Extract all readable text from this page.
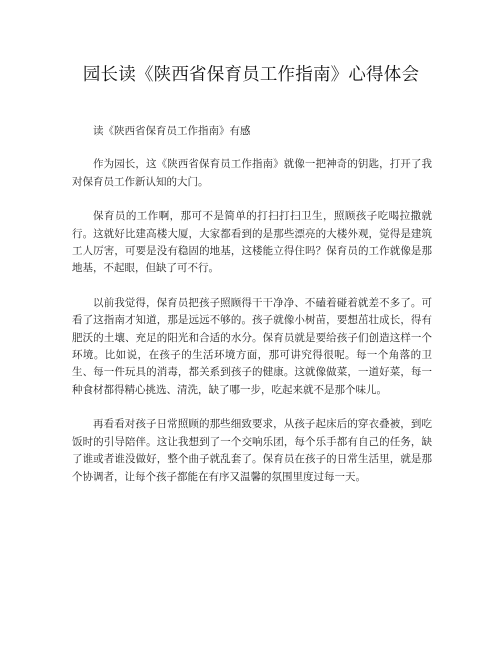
园长读《陕西省保育员工作指南》心得体会

读《陕西省保育员工作指南》有感

作为园长，这《陕西省保育员工作指南》就像一把神奇的钥匙，打开了我对保育员工作新认知的大门。

保育员的工作啊，那可不是简单的打扫打扫卫生，照顾孩子吃喝拉撒就行。这就好比建高楼大厦，大家都看到的是那些漂亮的大楼外观，觉得是建筑工人厉害，可要是没有稳固的地基，这楼能立得住吗？保育员的工作就像是那地基，不起眼，但缺了可不行。

以前我觉得，保育员把孩子照顾得干干净净、不磕着碰着就差不多了。可看了这指南才知道，那是远远不够的。孩子就像小树苗，要想茁壮成长，得有肥沃的土壤、充足的阳光和合适的水分。保育员就是要给孩子们创造这样一个环境。比如说，在孩子的生活环境方面，那可讲究得很呢。每一个角落的卫生、每一件玩具的消毒，都关系到孩子的健康。这就像做菜，一道好菜，每一种食材都得精心挑选、清洗，缺了哪一步，吃起来就不是那个味儿。

再看看对孩子日常照顾的那些细致要求，从孩子起床后的穿衣叠被，到吃饭时的引导陪伴。这让我想到了一个交响乐团，每个乐手都有自己的任务，缺了谁或者谁没做好，整个曲子就乱套了。保育员在孩子的日常生活里，就是那个协调者，让每个孩子都能在有序又温馨的氛围里度过每一天。
